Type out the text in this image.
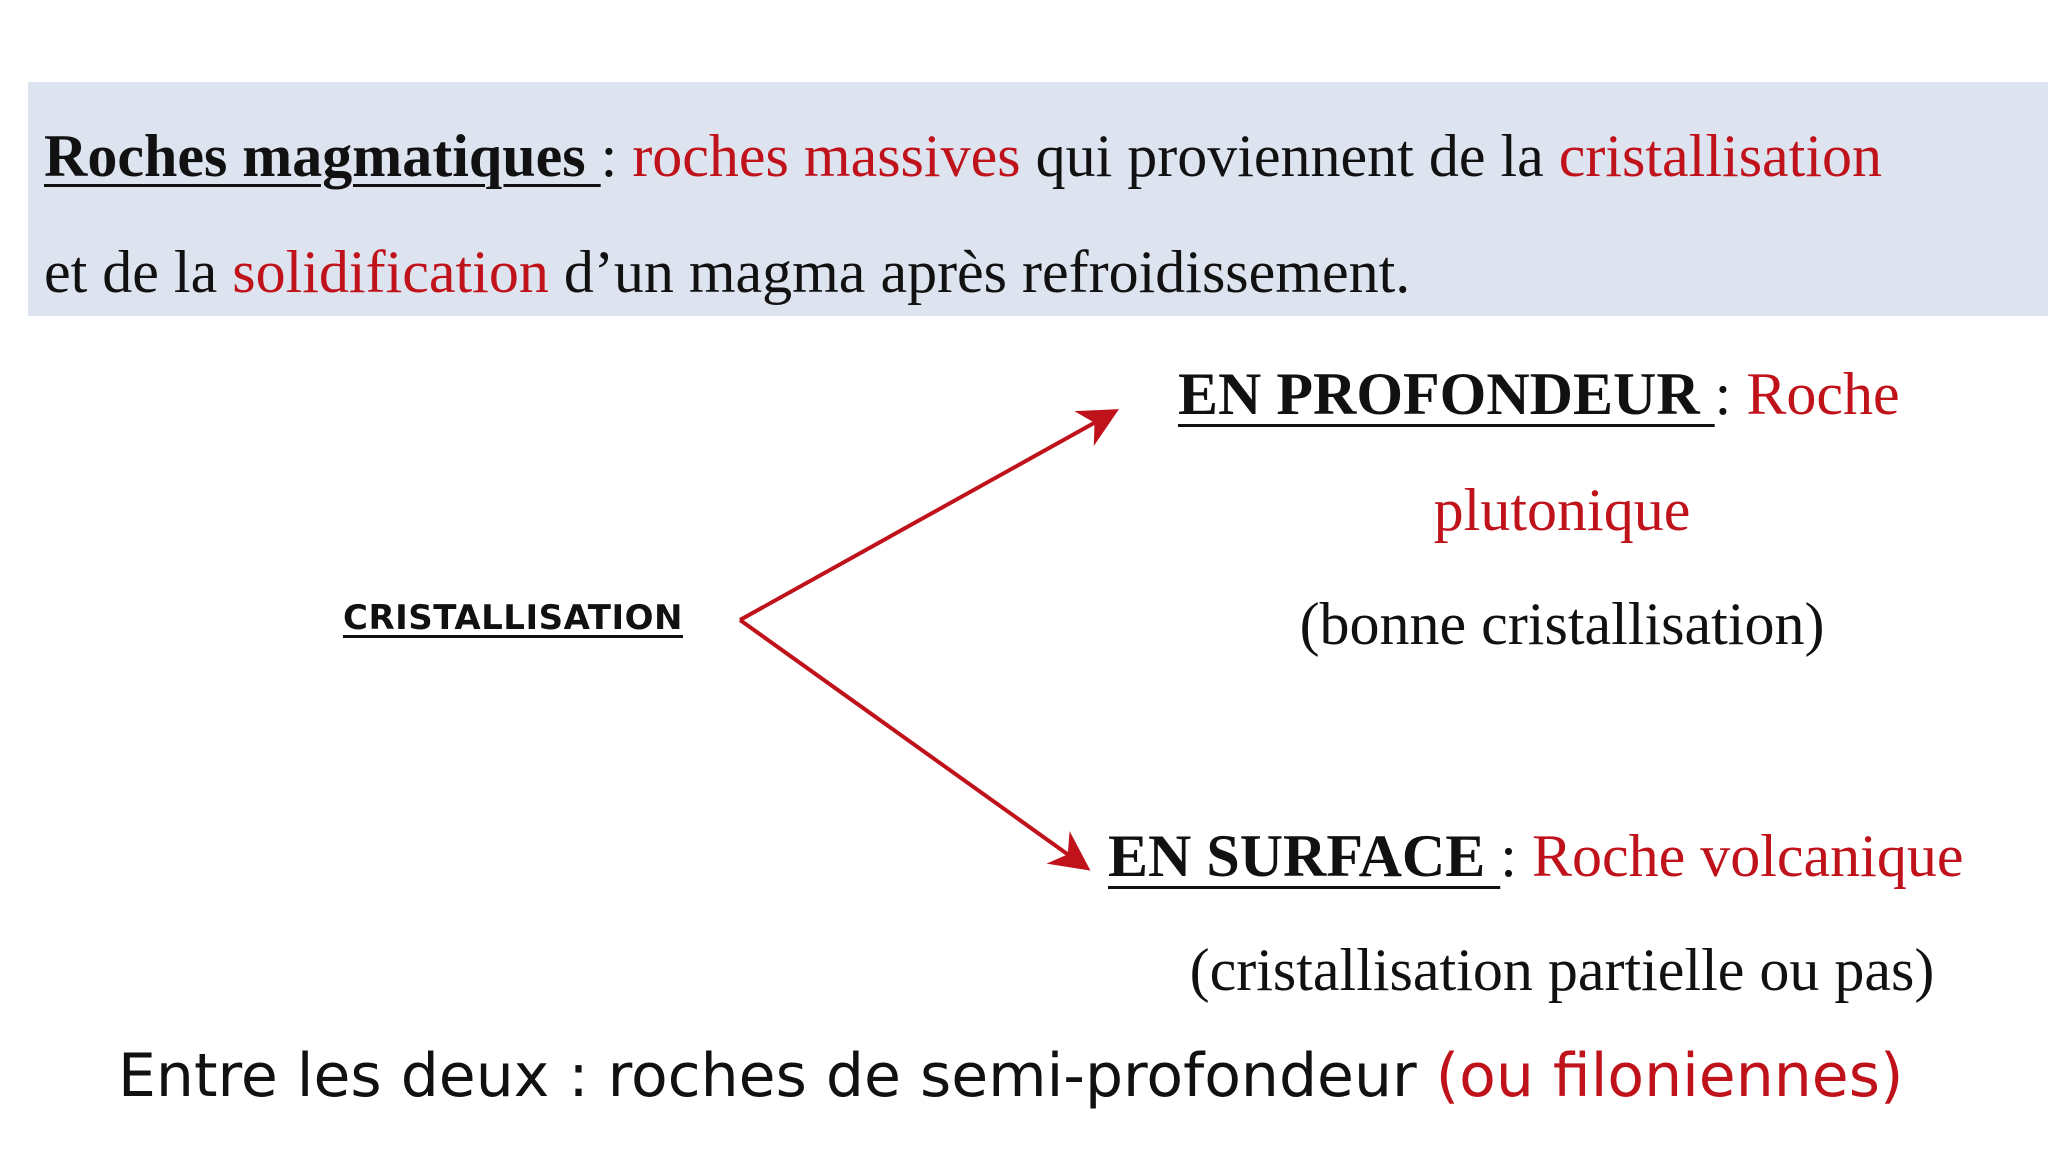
Roches magmatiques : roches massives qui proviennent de la cristallisation
et de la solidification d’un magma après refroidissement.
CRISTALLISATION
EN PROFONDEUR : Roche
plutonique
(bonne cristallisation)
EN SURFACE : Roche volcanique
(cristallisation partielle ou pas)
Entre les deux : roches de semi-profondeur (ou filoniennes)
